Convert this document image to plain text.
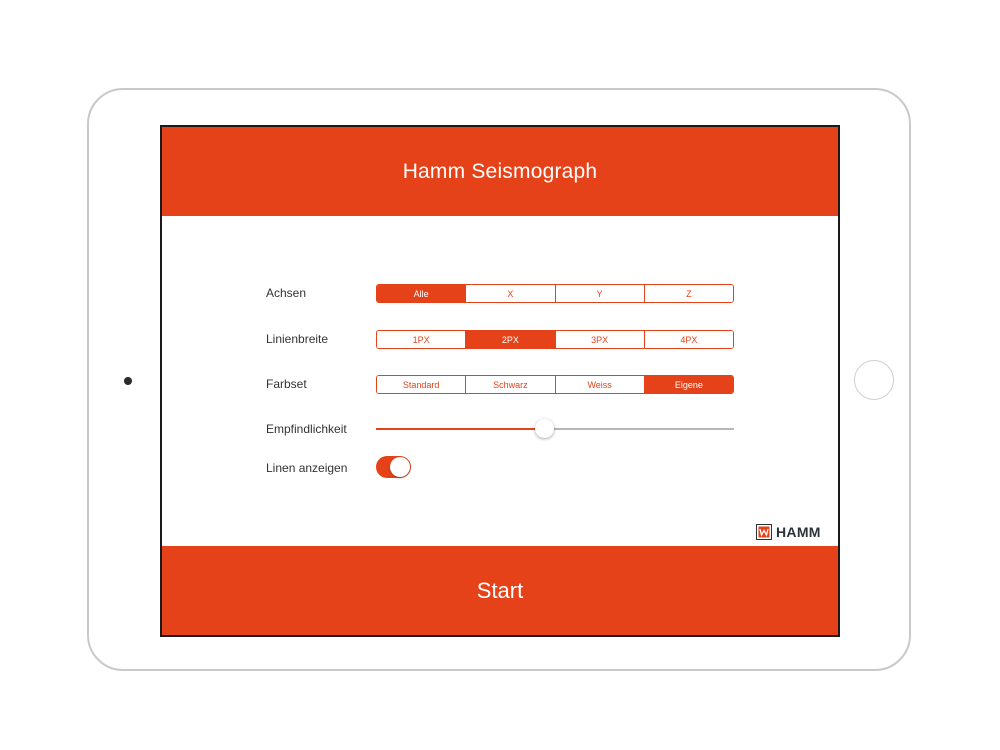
Hamm Seismograph
Achsen	Alle	X	Y	Z
Linienbreite	1PX	2PX	3PX	4PX
Farbset	Standard	Schwarz	Weiss	Eigene
Empfindlichkeit
Linen anzeigen
HAMM
Start
